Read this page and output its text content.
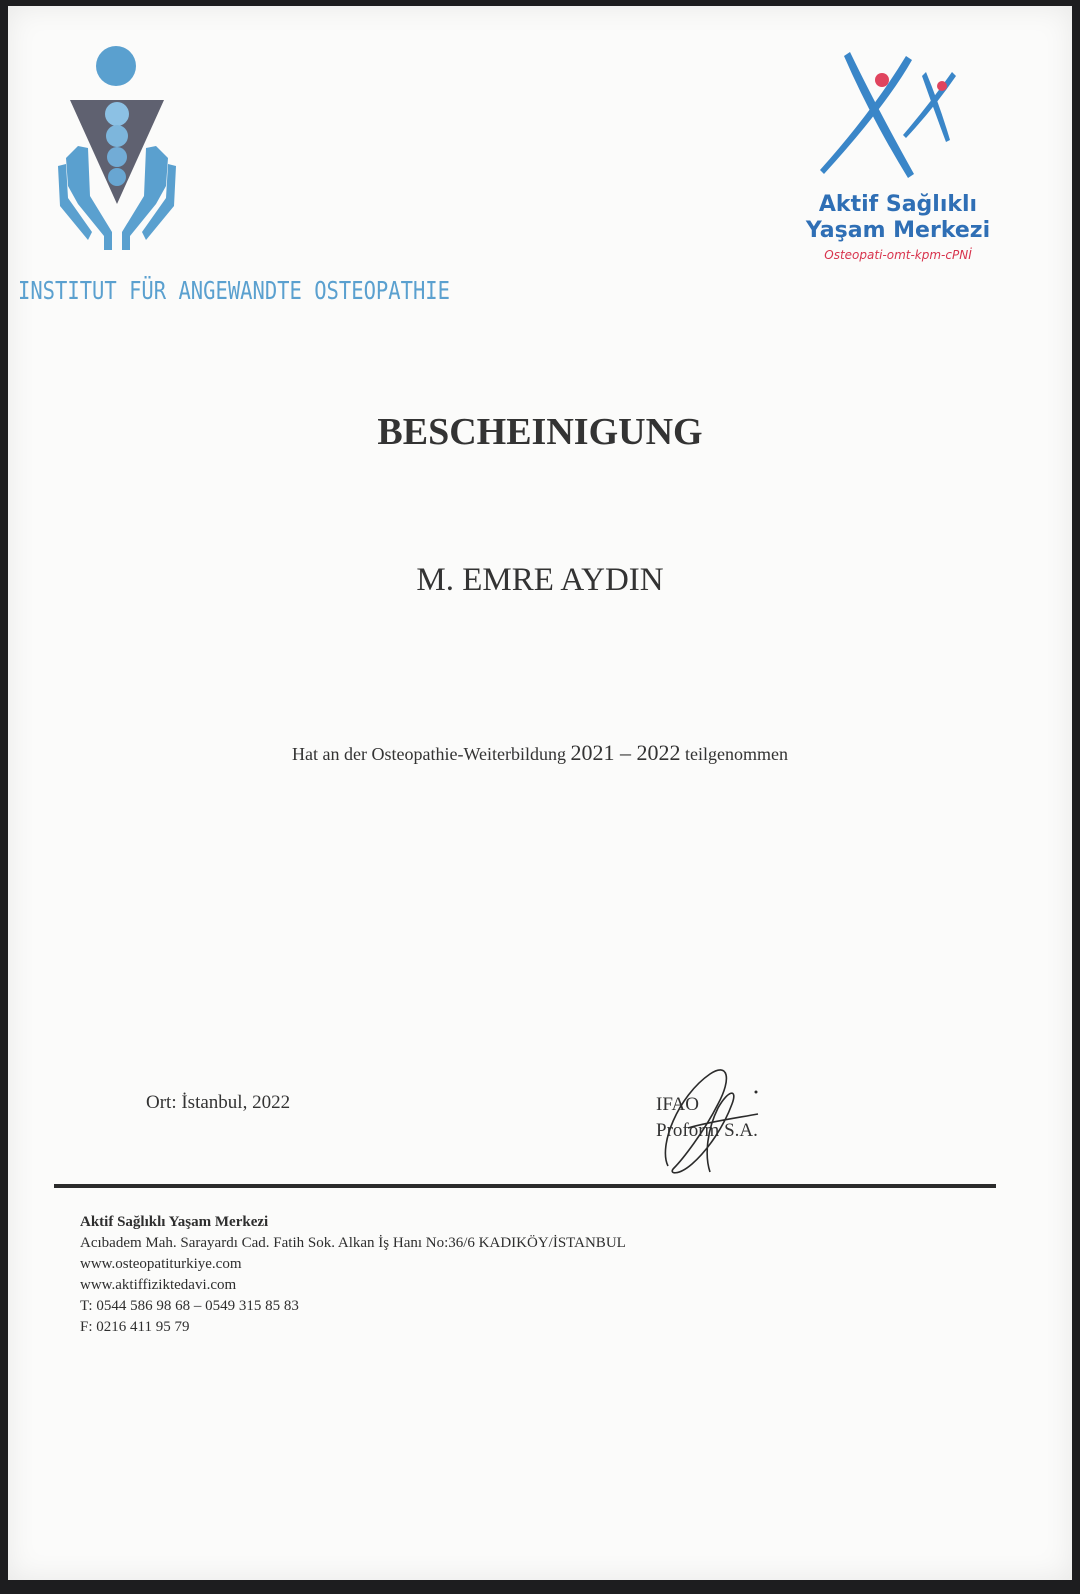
INSTITUT FÜR ANGEWANDTE OSTEOPATHIE
Aktif Sağlıklı
Yaşam Merkezi
Osteopati-omt-kpm-cPNİ
BESCHEINIGUNG
M. EMRE AYDIN
Hat an der Osteopathie-Weiterbildung 2021 – 2022 teilgenommen
Ort: İstanbul, 2022	IFAO
Proform S.A.
Aktif Sağlıklı Yaşam Merkezi
Acıbadem Mah. Sarayardı Cad. Fatih Sok. Alkan İş Hanı No:36/6 KADIKÖY/İSTANBUL
www.osteopatiturkiye.com
www.aktiffiziktedavi.com
T: 0544 586 98 68 – 0549 315 85 83
F: 0216 411 95 79
